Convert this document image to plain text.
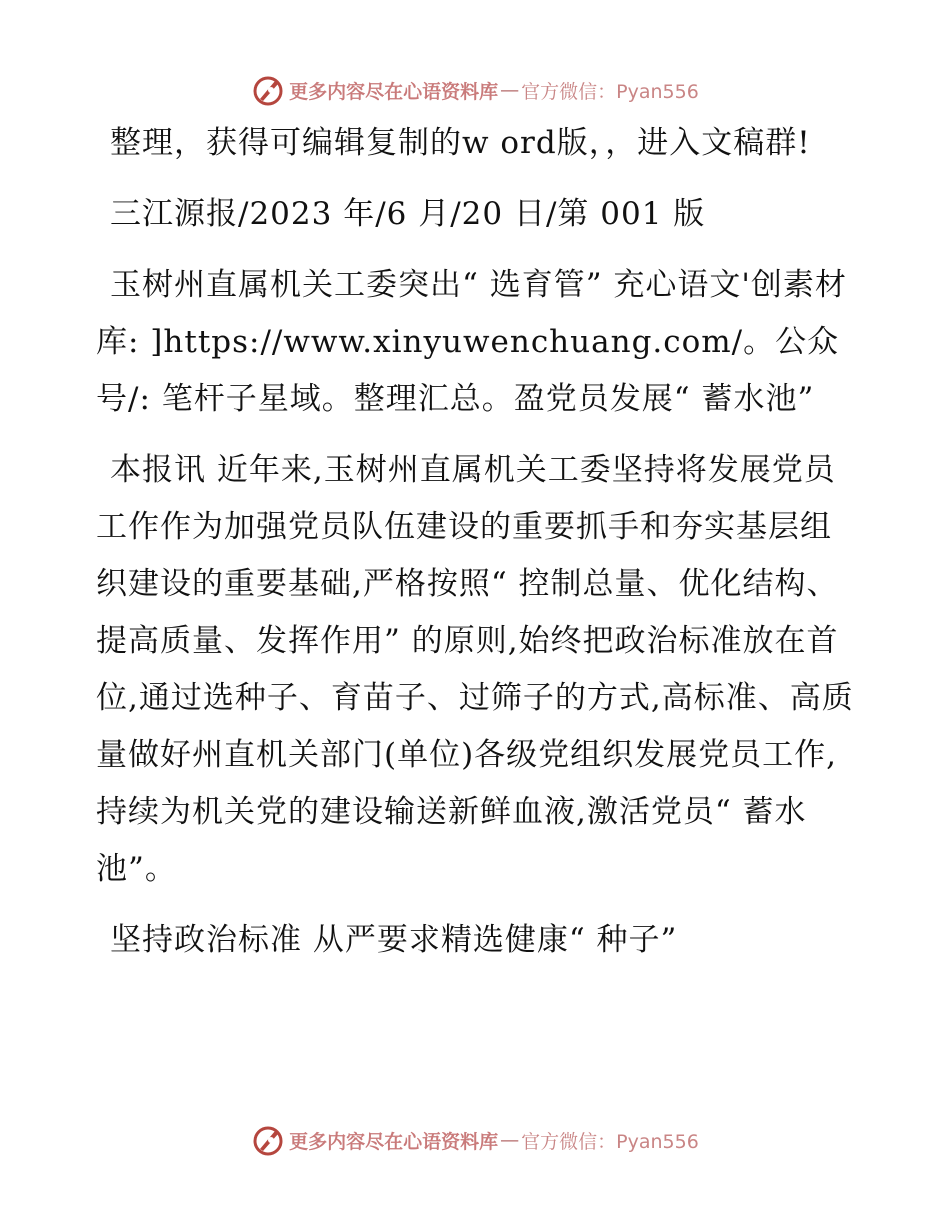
更多内容尽在心语资料库 — 官方微信：Pyan556

整理，获得可编辑复制的w ord版，，进入文稿群!

三江源报/2023 年/6 月/20 日/第 001 版

玉树州直属机关工委突出“ 选育管” 充心语文'创素材库: ]https://www.xinyuwenchuang.com/。公众号/: 笔杆子星域。整理汇总。盈党员发展“ 蓄水池”

本报讯 近年来,玉树州直属机关工委坚持将发展党员工作作为加强党员队伍建设的重要抓手和夯实基层组织建设的重要基础,严格按照“ 控制总量、优化结构、提高质量、发挥作用” 的原则,始终把政治标准放在首位,通过选种子、育苗子、过筛子的方式,高标准、高质量做好州直机关部门(单位)各级党组织发展党员工作,持续为机关党的建设输送新鲜血液,激活党员“ 蓄水池”。

坚持政治标准 从严要求精选健康“ 种子”

更多内容尽在心语资料库 — 官方微信：Pyan556
